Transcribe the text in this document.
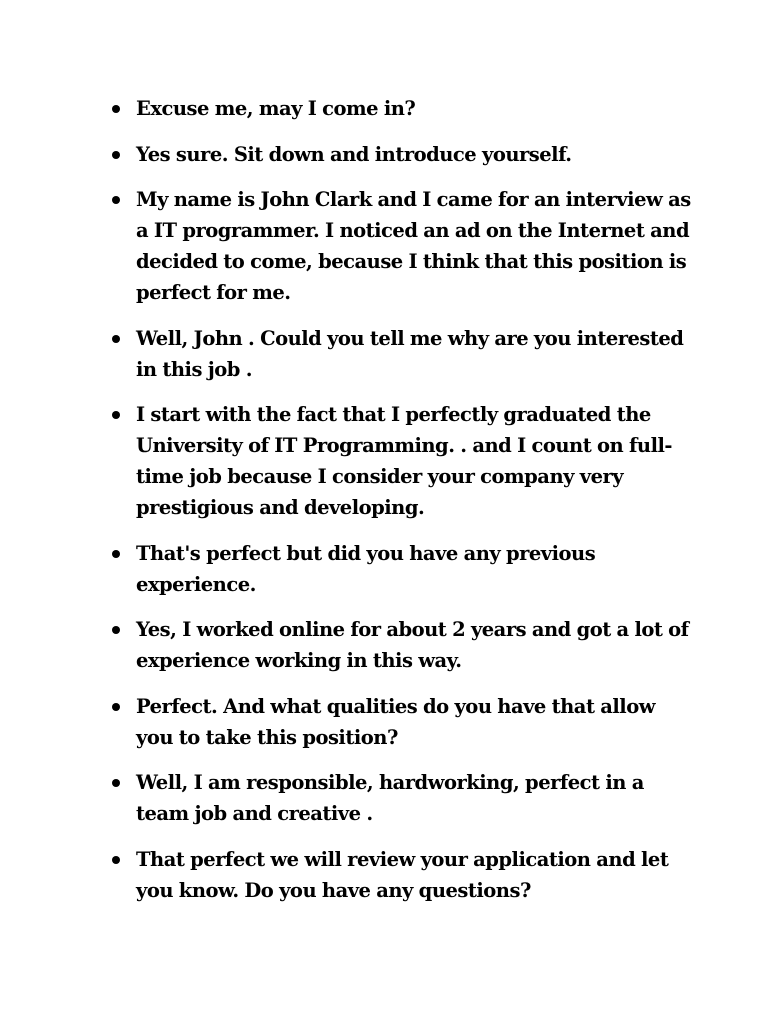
Excuse me, may I come in?
Yes sure. Sit down and introduce yourself.
My name is John Clark and I came for an interview as a IT programmer. I noticed an ad on the Internet and decided to come, because I think that this position is perfect for me.
Well, John . Could you tell me why are you interested in this job .
I start with the fact that I perfectly graduated the University of IT Programming. . and I count on full-time job because I consider your company very prestigious and developing.
That's perfect but did you have any previous experience.
Yes, I worked online for about 2 years and got a lot of experience working in this way.
Perfect. And what qualities do you have that allow you to take this position?
Well, I am responsible, hardworking, perfect in a team job and creative .
That perfect we will review your application and let you know. Do you have any questions?
